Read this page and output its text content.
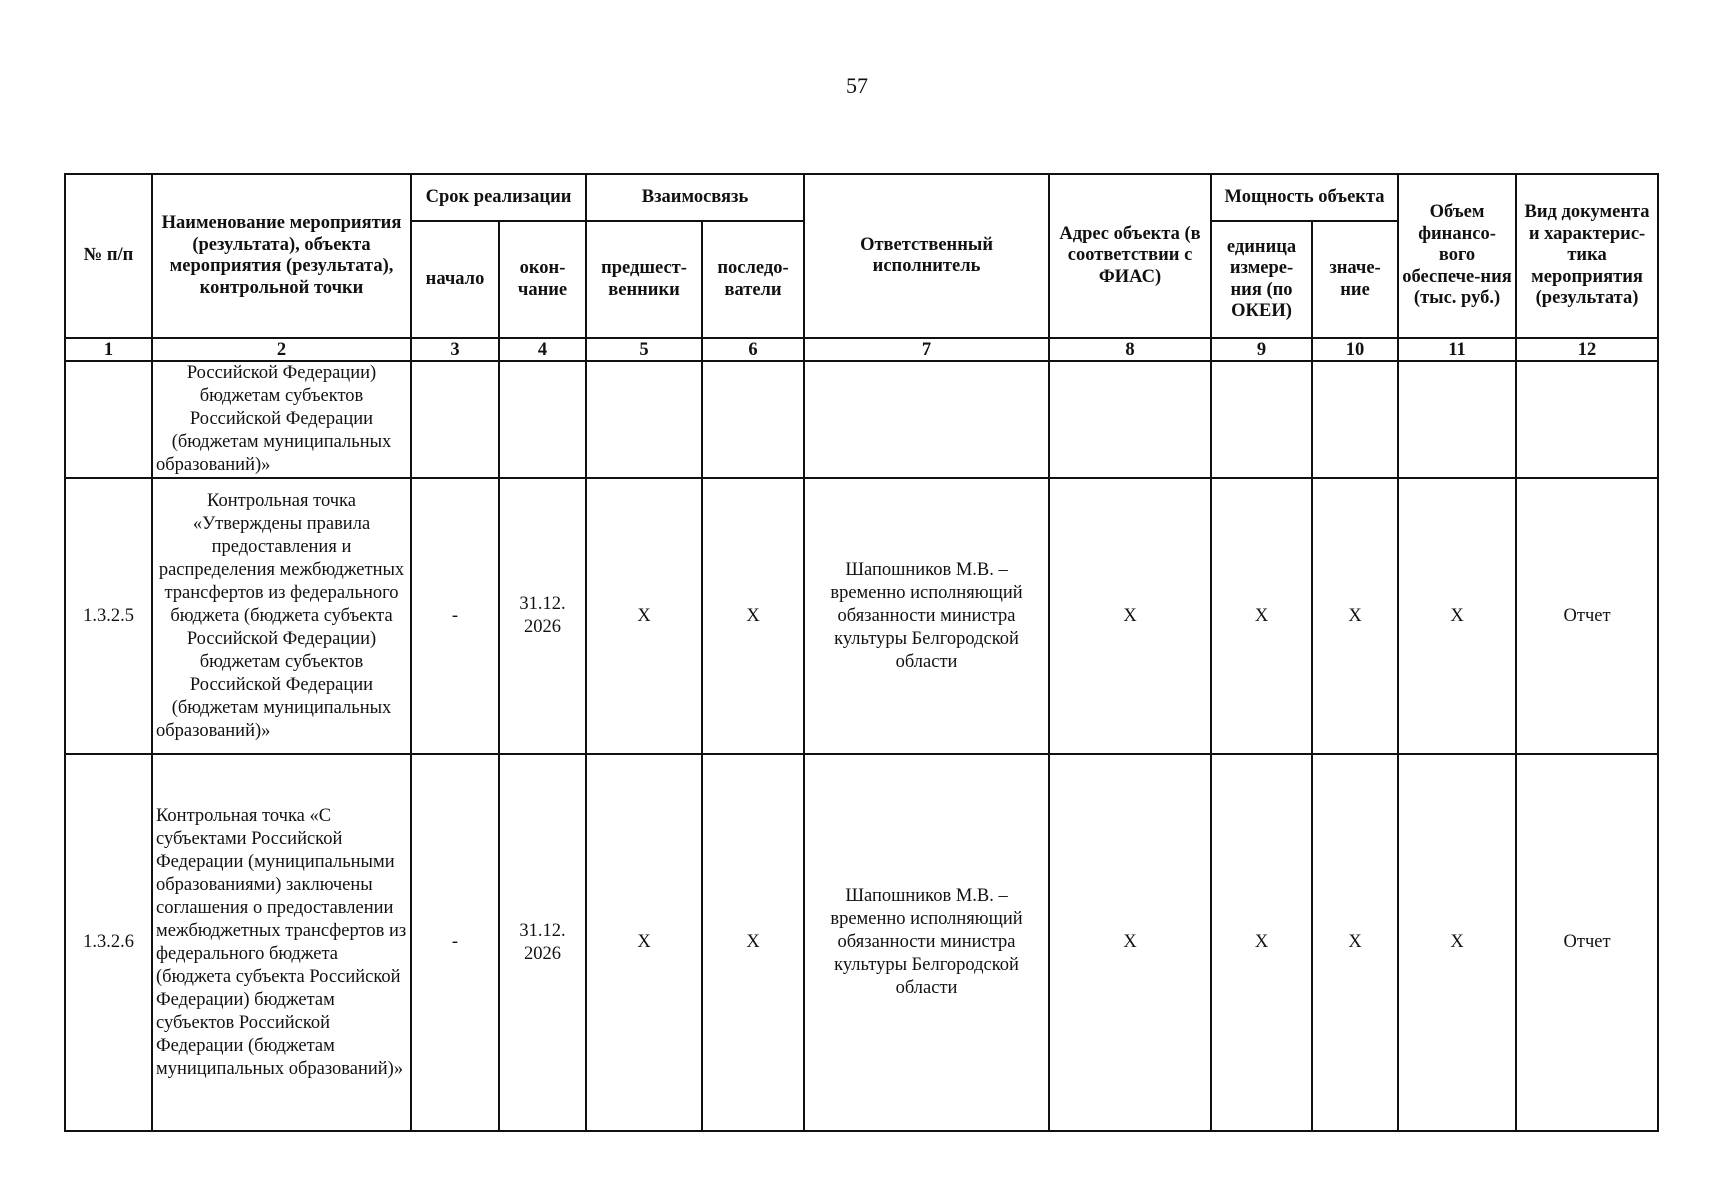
57
№ п/п	Наименование мероприятия (результата), объекта мероприятия (результата), контрольной точки	Срок реализации		Взаимосвязь		Ответственный исполнитель	Адрес объекта (в соответствии с ФИАС)	Мощность объекта		Объем финансо-вого обеспече-ния (тыс. руб.)	Вид документа и характерис-тика мероприятия (результата)
		начало	окон-чание	предшест-венники	последо-ватели			единица измере-ния (по ОКЕИ)	значе-ние		
1	2	3	4	5	6	7	8	9	10	11	12
	Российской Федерации) бюджетам субъектов Российской Федерации (бюджетам муниципальных образований)»										
1.3.2.5	Контрольная точка «Утверждены правила предоставления и распределения межбюджетных трансфертов из федерального бюджета (бюджета субъекта Российской Федерации) бюджетам субъектов Российской Федерации (бюджетам муниципальных образований)»	-	31.12. 2026	Х	Х	Шапошников М.В. – временно исполняющий обязанности министра культуры Белгородской области	Х	Х	Х	Х	Отчет
1.3.2.6	Контрольная точка «С субъектами Российской Федерации (муниципальными образованиями) заключены соглашения о предоставлении межбюджетных трансфертов из федерального бюджета (бюджета субъекта Российской Федерации) бюджетам субъектов Российской Федерации (бюджетам муниципальных образований)»	-	31.12. 2026	Х	Х	Шапошников М.В. – временно исполняющий обязанности министра культуры Белгородской области	Х	Х	Х	Х	Отчет
